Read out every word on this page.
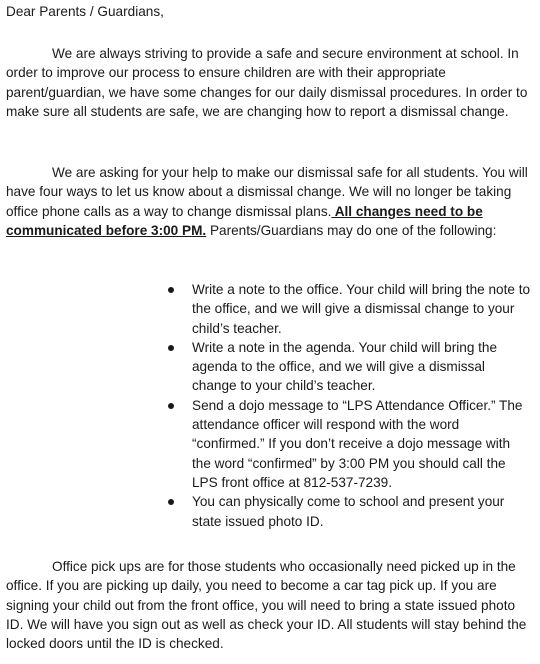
Dear Parents / Guardians,

We are always striving to provide a safe and secure environment at school. In order to improve our process to ensure children are with their appropriate parent/guardian, we have some changes for our daily dismissal procedures. In order to make sure all students are safe, we are changing how to report a dismissal change.

We are asking for your help to make our dismissal safe for all students. You will have four ways to let us know about a dismissal change. We will no longer be taking office phone calls as a way to change dismissal plans. All changes need to be communicated before 3:00 PM. Parents/Guardians may do one of the following:

Write a note to the office. Your child will bring the note to the office, and we will give a dismissal change to your child’s teacher.
Write a note in the agenda. Your child will bring the agenda to the office, and we will give a dismissal change to your child’s teacher.
Send a dojo message to “LPS Attendance Officer.” The attendance officer will respond with the word “confirmed.” If you don’t receive a dojo message with the word “confirmed” by 3:00 PM you should call the LPS front office at 812-537-7239.
You can physically come to school and present your state issued photo ID.

Office pick ups are for those students who occasionally need picked up in the office. If you are picking up daily, you need to become a car tag pick up. If you are signing your child out from the front office, you will need to bring a state issued photo ID. We will have you sign out as well as check your ID. All students will stay behind the locked doors until the ID is checked.
